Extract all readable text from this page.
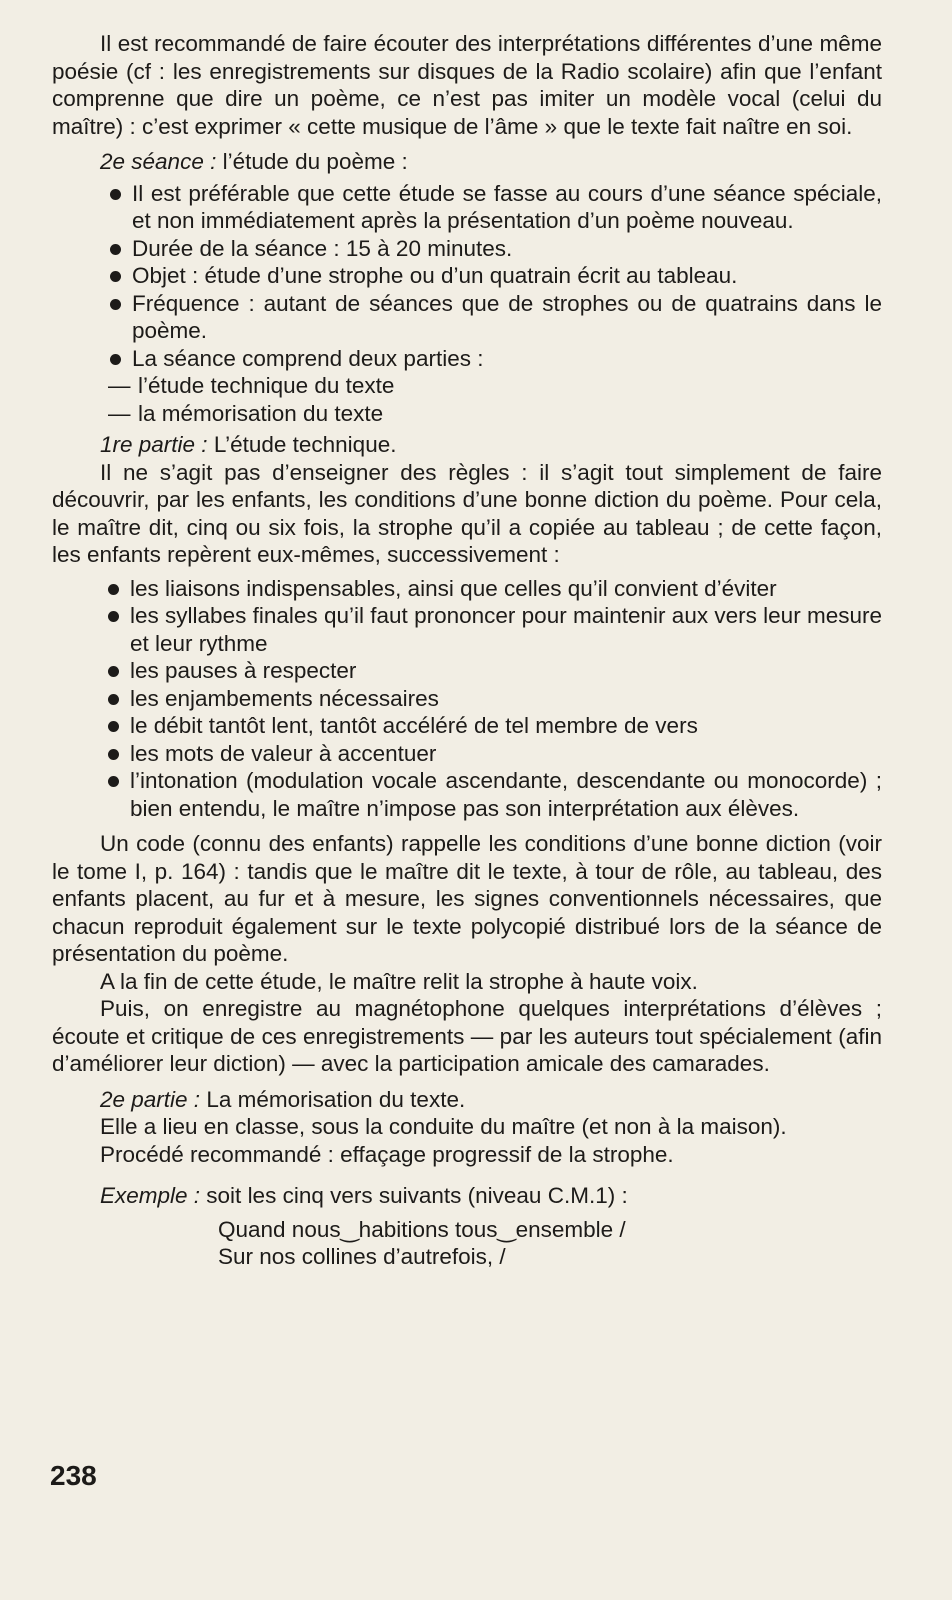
Il est recommandé de faire écouter des interprétations différentes d’une même poésie (cf : les enregistrements sur disques de la Radio scolaire) afin que l’enfant comprenne que dire un poème, ce n’est pas imiter un modèle vocal (celui du maître) : c’est exprimer « cette musique de l’âme » que le texte fait naître en soi.

2e séance : l’étude du poème :

Il est préférable que cette étude se fasse au cours d’une séance spéciale, et non immédiatement après la présentation d’un poème nouveau.
Durée de la séance : 15 à 20 minutes.
Objet : étude d’une strophe ou d’un quatrain écrit au tableau.
Fréquence : autant de séances que de strophes ou de quatrains dans le poème.
La séance comprend deux parties :
— l’étude technique du texte
— la mémorisation du texte

1re partie : L’étude technique.

Il ne s’agit pas d’enseigner des règles : il s’agit tout simplement de faire découvrir, par les enfants, les conditions d’une bonne diction du poème. Pour cela, le maître dit, cinq ou six fois, la strophe qu’il a copiée au tableau ; de cette façon, les enfants repèrent eux-mêmes, successivement :

les liaisons indispensables, ainsi que celles qu’il convient d’éviter
les syllabes finales qu’il faut prononcer pour maintenir aux vers leur mesure et leur rythme
les pauses à respecter
les enjambements nécessaires
le débit tantôt lent, tantôt accéléré de tel membre de vers
les mots de valeur à accentuer
l’intonation (modulation vocale ascendante, descendante ou monocorde) ; bien entendu, le maître n’impose pas son interprétation aux élèves.

Un code (connu des enfants) rappelle les conditions d’une bonne diction (voir le tome I, p. 164) : tandis que le maître dit le texte, à tour de rôle, au tableau, des enfants placent, au fur et à mesure, les signes conventionnels nécessaires, que chacun reproduit également sur le texte polycopié distribué lors de la séance de présentation du poème.

A la fin de cette étude, le maître relit la strophe à haute voix.

Puis, on enregistre au magnétophone quelques interprétations d’élèves ; écoute et critique de ces enregistrements — par les auteurs tout spécialement (afin d’améliorer leur diction) — avec la participation amicale des camarades.

2e partie : La mémorisation du texte.

Elle a lieu en classe, sous la conduite du maître (et non à la maison).

Procédé recommandé : effaçage progressif de la strophe.

Exemple : soit les cinq vers suivants (niveau C.M.1) :

Quand nous‿habitions tous‿ensemble /

Sur nos collines d’autrefois, /

238
